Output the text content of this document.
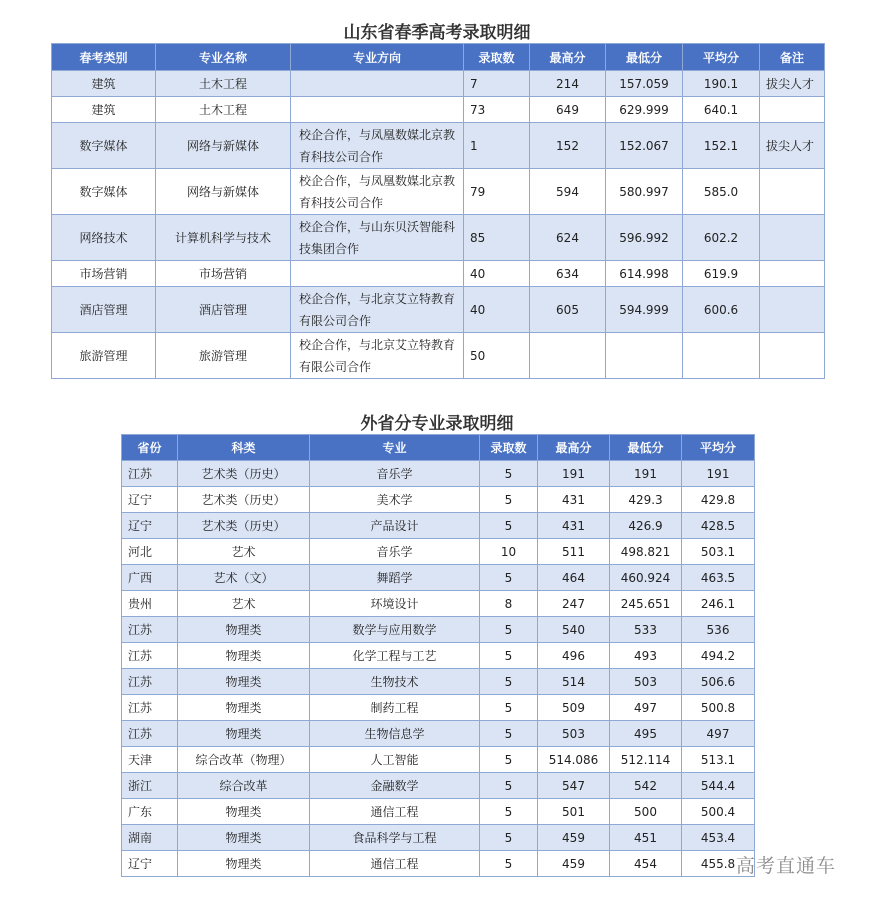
山东省春季高考录取明细
春考类别	专业名称	专业方向	录取数	最高分	最低分	平均分	备注
建筑	土木工程		7	214	157.059	190.1	拔尖人才
建筑	土木工程		73	649	629.999	640.1	
数字媒体	网络与新媒体	校企合作，与凤凰数媒北京教育科技公司合作	1	152	152.067	152.1	拔尖人才
数字媒体	网络与新媒体	校企合作，与凤凰数媒北京教育科技公司合作	79	594	580.997	585.0	
网络技术	计算机科学与技术	校企合作，与山东贝沃智能科技集团合作	85	624	596.992	602.2	
市场营销	市场营销		40	634	614.998	619.9	
酒店管理	酒店管理	校企合作，与北京艾立特教育有限公司合作	40	605	594.999	600.6	
旅游管理	旅游管理	校企合作，与北京艾立特教育有限公司合作	50				
外省分专业录取明细
省份	科类	专业	录取数	最高分	最低分	平均分
江苏	艺术类（历史）	音乐学	5	191	191	191
辽宁	艺术类（历史）	美术学	5	431	429.3	429.8
辽宁	艺术类（历史）	产品设计	5	431	426.9	428.5
河北	艺术	音乐学	10	511	498.821	503.1
广西	艺术（文）	舞蹈学	5	464	460.924	463.5
贵州	艺术	环境设计	8	247	245.651	246.1
江苏	物理类	数学与应用数学	5	540	533	536
江苏	物理类	化学工程与工艺	5	496	493	494.2
江苏	物理类	生物技术	5	514	503	506.6
江苏	物理类	制药工程	5	509	497	500.8
江苏	物理类	生物信息学	5	503	495	497
天津	综合改革（物理）	人工智能	5	514.086	512.114	513.1
浙江	综合改革	金融数学	5	547	542	544.4
广东	物理类	通信工程	5	501	500	500.4
湖南	物理类	食品科学与工程	5	459	451	453.4
辽宁	物理类	通信工程	5	459	454	455.8 高考直通车
